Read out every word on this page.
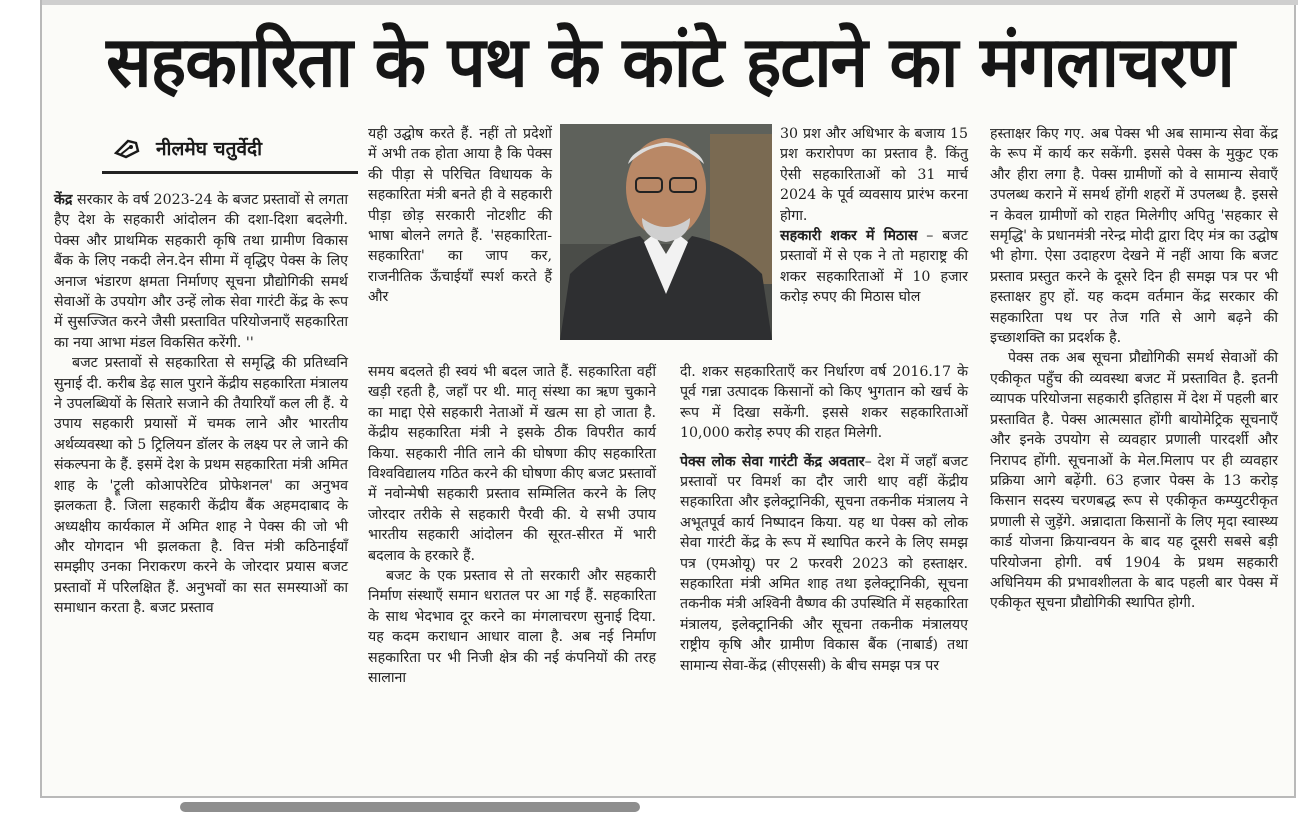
सहकारिता के पथ के कांटे हटाने का मंगलाचरण
नीलमेघ चतुर्वेदी

केंद्र सरकार के वर्ष 2023-24 के बजट प्रस्तावों से लगता हैए देश के सहकारी आंदोलन की दशा-दिशा बदलेगी. पेक्स और प्राथमिक सहकारी कृषि तथा ग्रामीण विकास बैंक के लिए नकदी लेन.देन सीमा में वृद्धिए पेक्स के लिए अनाज भंडारण क्षमता निर्माणए सूचना प्रौद्योगिकी समर्थ सेवाओं के उपयोग और उन्हें लोक सेवा गारंटी केंद्र के रूप में सुसज्जित करने जैसी प्रस्तावित परियोजनाएँ सहकारिता का नया आभा मंडल विकसित करेंगी. ''

बजट प्रस्तावों से सहकारिता से समृद्धि की प्रतिध्वनि सुनाई दी. करीब डेढ़ साल पुराने केंद्रीय सहकारिता मंत्रालय ने उपलब्धियों के सितारे सजाने की तैयारियाँ कल ली हैं. ये उपाय सहकारी प्रयासों में चमक लाने और भारतीय अर्थव्यवस्था को 5 ट्रिलियन डॉलर के लक्ष्य पर ले जाने की संकल्पना के हैं. इसमें देश के प्रथम सहकारिता मंत्री अमित शाह के 'ट्रूली कोआपरेटिव प्रोफेशनल' का अनुभव झलकता है. जिला सहकारी केंद्रीय बैंक अहमदाबाद के अध्यक्षीय कार्यकाल में अमित शाह ने पेक्स की जो भी और योगदान भी झलकता है. वित्त मंत्री कठिनाईयाँ समझीए उनका निराकरण करने के जोरदार प्रयास बजट प्रस्तावों में परिलक्षित हैं. अनुभवों का सत समस्याओं का समाधान करता है. बजट प्रस्ताव

यही उद्घोष करते हैं. नहीं तो प्रदेशों में अभी तक होता आया है कि पेक्स की पीड़ा से परिचित विधायक के सहकारिता मंत्री बनते ही वे सहकारी पीड़ा छोड़ सरकारी नोटशीट की भाषा बोलने लगते हैं. 'सहकारिता-सहकारिता' का जाप कर, राजनीतिक ऊँचाईयाँ स्पर्श करते हैं और

समय बदलते ही स्वयं भी बदल जाते हैं. सहकारिता वहीं खड़ी रहती है, जहाँ पर थी. मातृ संस्था का ऋण चुकाने का माद्दा ऐसे सहकारी नेताओं में खत्म सा हो जाता है. केंद्रीय सहकारिता मंत्री ने इसके ठीक विपरीत कार्य किया. सहकारी नीति लाने की घोषणा कीए सहकारिता विश्वविद्यालय गठित करने की घोषणा कीए बजट प्रस्तावों में नवोन्मेषी सहकारी प्रस्ताव सम्मिलित करने के लिए जोरदार तरीके से सहकारी पैरवी की. ये सभी उपाय भारतीय सहकारी आंदोलन की सूरत-सीरत में भारी बदलाव के हरकारे हैं.

बजट के एक प्रस्ताव से तो सरकारी और सहकारी निर्माण संस्थाएँ समान धरातल पर आ गई हैं. सहकारिता के साथ भेदभाव दूर करने का मंगलाचरण सुनाई दिया. यह कदम कराधान आधार वाला है. अब नई निर्माण सहकारिता पर भी निजी क्षेत्र की नई कंपनियों की तरह सालाना

30 प्रश और अधिभार के बजाय 15 प्रश करारोपण का प्रस्ताव है. किंतु ऐसी सहकारिताओं को 31 मार्च 2024 के पूर्व व्यवसाय प्रारंभ करना होगा.

सहकारी शकर में मिठास – बजट प्रस्तावों में से एक ने तो महाराष्ट्र की शकर सहकारिताओं में 10 हजार करोड़ रुपए की मिठास घोल

दी. शकर सहकारिताएँ कर निर्धारण वर्ष 2016.17 के पूर्व गन्ना उत्पादक किसानों को किए भुगतान को खर्च के रूप में दिखा सकेंगी. इससे शकर सहकारिताओं 10,000 करोड़ रुपए की राहत मिलेगी.

पेक्स लोक सेवा गारंटी केंद्र अवतार– देश में जहाँ बजट प्रस्तावों पर विमर्श का दौर जारी थाए वहीं केंद्रीय सहकारिता और इलेक्ट्रानिकी, सूचना तकनीक मंत्रालय ने अभूतपूर्व कार्य निष्पादन किया. यह था पेक्स को लोक सेवा गारंटी केंद्र के रूप में स्थापित करने के लिए समझ पत्र (एमओयू) पर 2 फरवरी 2023 को हस्ताक्षर. सहकारिता मंत्री अमित शाह तथा इलेक्ट्रानिकी, सूचना तकनीक मंत्री अश्विनी वैष्णव की उपस्थिति में सहकारिता मंत्रालय, इलेक्ट्रानिकी और सूचना तकनीक मंत्रालयए राष्ट्रीय कृषि और ग्रामीण विकास बैंक (नाबार्ड) तथा सामान्य सेवा-केंद्र (सीएससी) के बीच समझ पत्र पर

हस्ताक्षर किए गए. अब पेक्स भी अब सामान्य सेवा केंद्र के रूप में कार्य कर सकेंगी. इससे पेक्स के मुकुट एक और हीरा लगा है. पेक्स ग्रामीणों को वे सामान्य सेवाएँ उपलब्ध कराने में समर्थ होंगी शहरों में उपलब्ध है. इससे न केवल ग्रामीणों को राहत मिलेगीए अपितु 'सहकार से समृद्धि' के प्रधानमंत्री नरेन्द्र मोदी द्वारा दिए मंत्र का उद्घोष भी होगा. ऐसा उदाहरण देखने में नहीं आया कि बजट प्रस्ताव प्रस्तुत करने के दूसरे दिन ही समझ पत्र पर भी हस्ताक्षर हुए हों. यह कदम वर्तमान केंद्र सरकार की सहकारिता पथ पर तेज गति से आगे बढ़ने की इच्छाशक्ति का प्रदर्शक है.

पेक्स तक अब सूचना प्रौद्योगिकी समर्थ सेवाओं की एकीकृत पहुँच की व्यवस्था बजट में प्रस्तावित है. इतनी व्यापक परियोजना सहकारी इतिहास में देश में पहली बार प्रस्तावित है. पेक्स आत्मसात होंगी बायोमेट्रिक सूचनाएँ और इनके उपयोग से व्यवहार प्रणाली पारदर्शी और निरापद होंगी. सूचनाओं के मेल.मिलाप पर ही व्यवहार प्रक्रिया आगे बढ़ेंगी. 63 हजार पेक्स के 13 करोड़ किसान सदस्य चरणबद्ध रूप से एकीकृत कम्प्युटरीकृत प्रणाली से जुड़ेंगे. अन्नादाता किसानों के लिए मृदा स्वास्थ्य कार्ड योजना क्रियान्वयन के बाद यह दूसरी सबसे बड़ी परियोजना होगी. वर्ष 1904 के प्रथम सहकारी अधिनियम की प्रभावशीलता के बाद पहली बार पेक्स में एकीकृत सूचना प्रौद्योगिकी स्थापित होगी.
